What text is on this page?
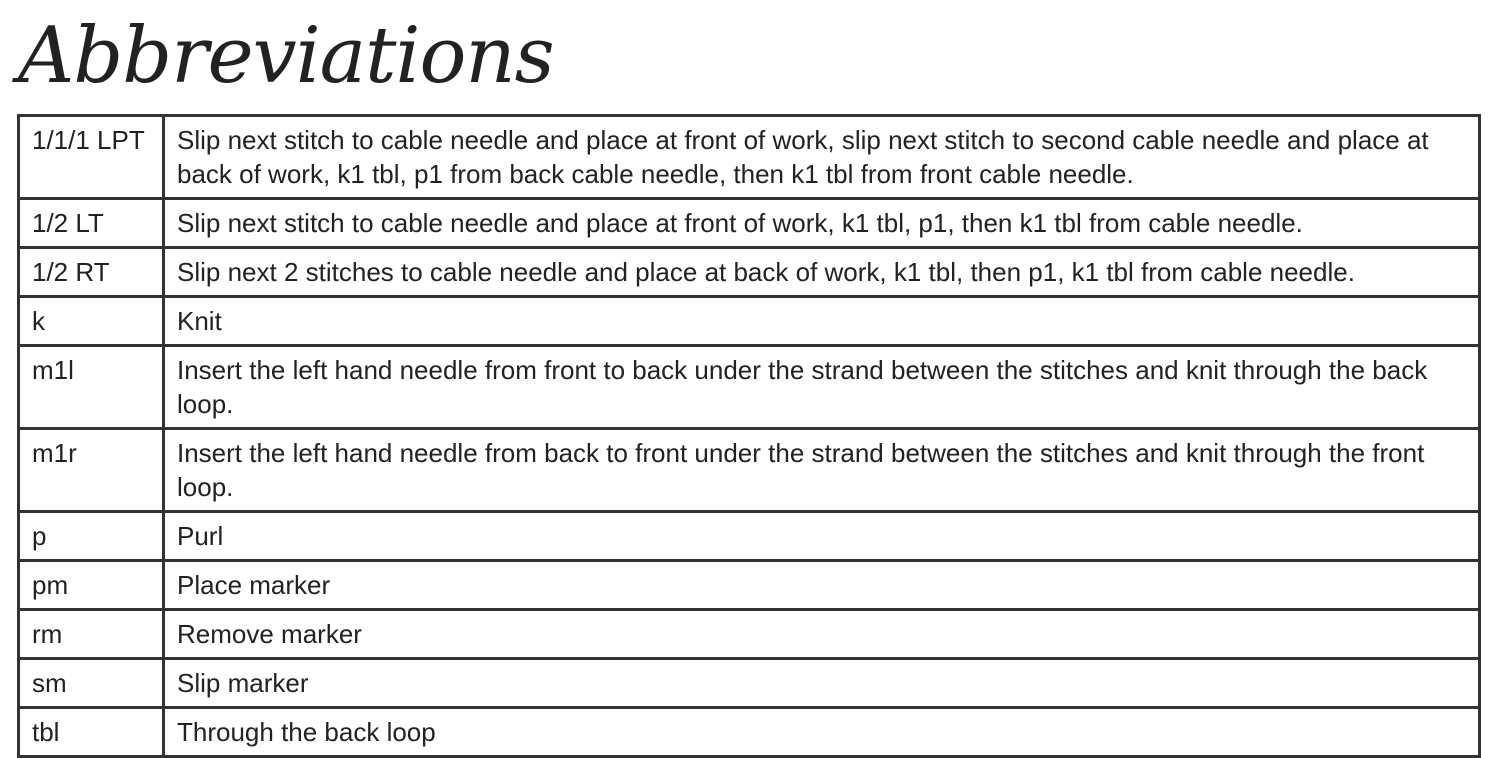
Abbreviations
1/1/1 LPT	Slip next stitch to cable needle and place at front of work, slip next stitch to second cable needle and place at back of work, k1 tbl, p1 from back cable needle, then k1 tbl from front cable needle.
1/2 LT	Slip next stitch to cable needle and place at front of work, k1 tbl, p1, then k1 tbl from cable needle.
1/2 RT	Slip next 2 stitches to cable needle and place at back of work, k1 tbl, then p1, k1 tbl from cable needle.
k	Knit
m1l	Insert the left hand needle from front to back under the strand between the stitches and knit through the back loop.
m1r	Insert the left hand needle from back to front under the strand between the stitches and knit through the front loop.
p	Purl
pm	Place marker
rm	Remove marker
sm	Slip marker
tbl	Through the back loop
